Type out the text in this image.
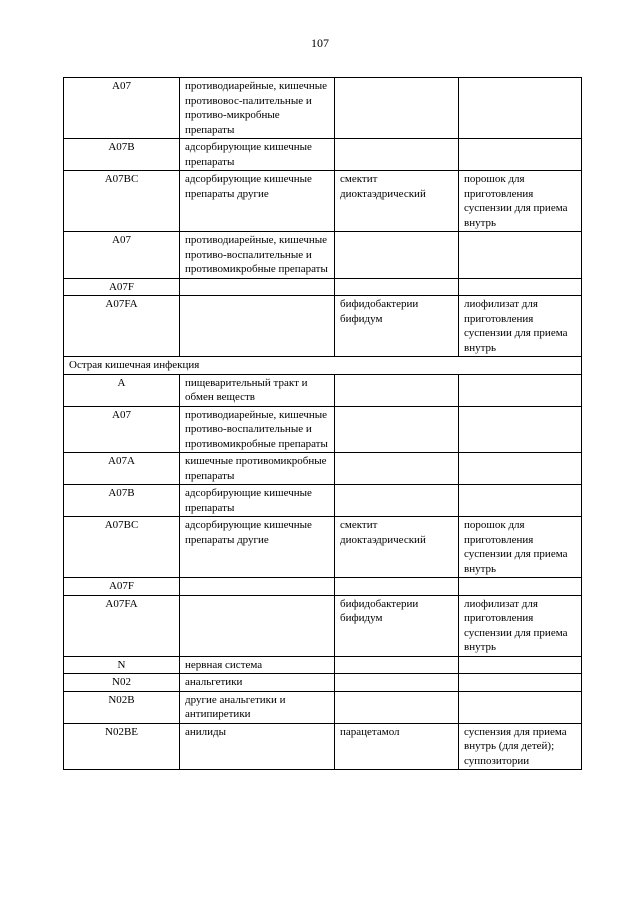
107
A07	противодиарейные, кишечные противовос-палительные и противо-микробные препараты		
A07B	адсорбирующие кишечные препараты		
A07BC	адсорбирующие кишечные препараты другие	смектит диоктаэдрический	порошок для приготовления суспензии для приема внутрь
A07	противодиарейные, кишечные противо-воспалительные и противомикробные препараты		
A07F			
A07FA		бифидобактерии бифидум	лиофилизат для приготовления суспензии для приема внутрь
Острая кишечная инфекция			
A	пищеварительный тракт и обмен веществ		
A07	противодиарейные, кишечные противо-воспалительные и противомикробные препараты		
A07A	кишечные противомикробные препараты		
A07B	адсорбирующие кишечные препараты		
A07BC	адсорбирующие кишечные препараты другие	смектит диоктаэдрический	порошок для приготовления суспензии для приема внутрь
A07F			
A07FA		бифидобактерии бифидум	лиофилизат для приготовления суспензии для приема внутрь
N	нервная система		
N02	анальгетики		
N02B	другие анальгетики и антипиретики		
N02BE	анилиды	парацетамол	суспензия для приема внутрь (для детей); суппозитории
